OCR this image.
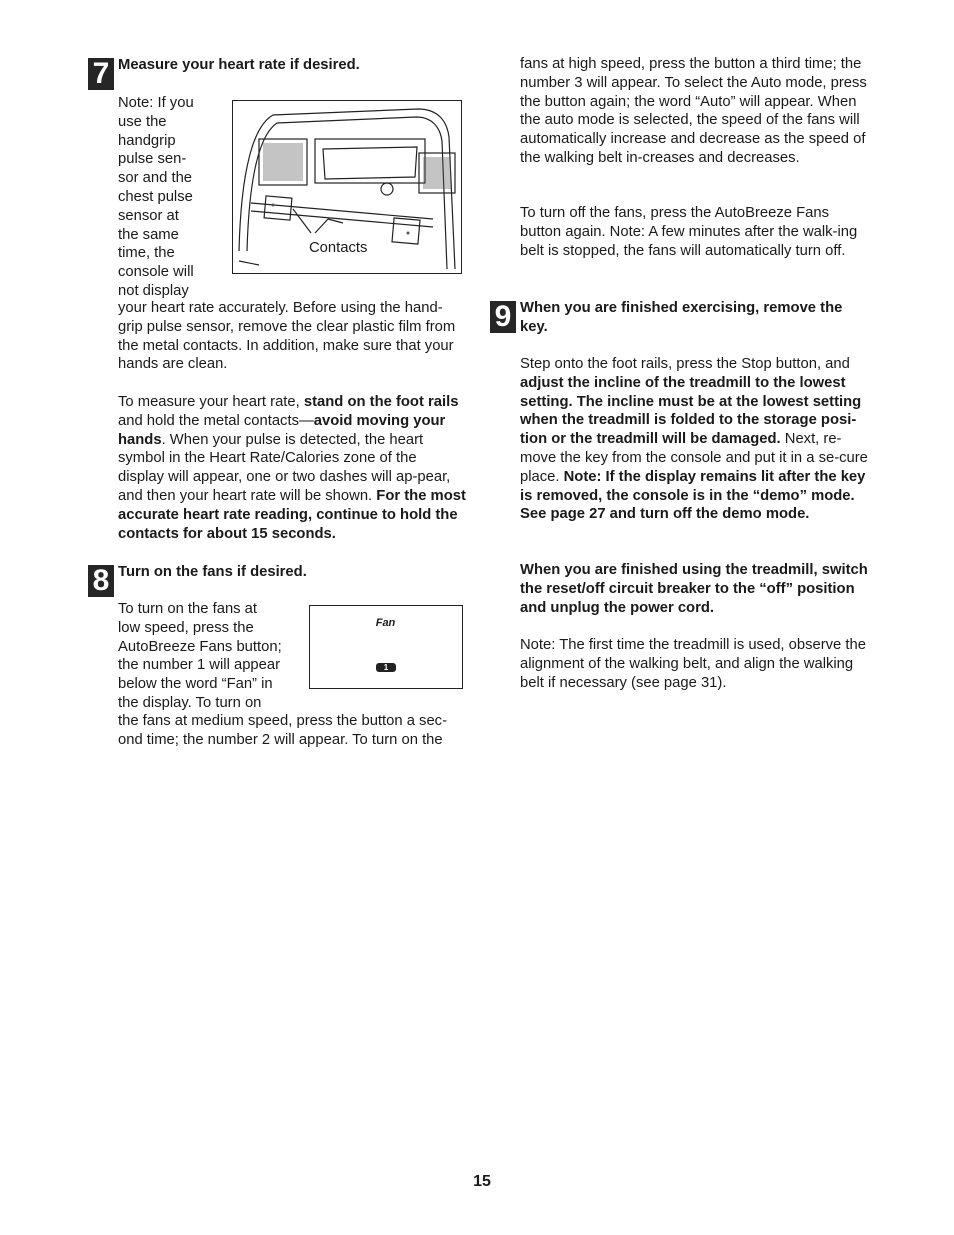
7 Measure your heart rate if desired.

Note: If you

use the

handgrip

pulse sen-

sor and the

chest pulse

sensor at

the same

time, the

console will

not display

Contacts
your heart rate accurately. Before using the hand-grip pulse sensor, remove the clear plastic film from the metal contacts. In addition, make sure that your hands are clean.
To measure your heart rate, stand on the foot rails and hold the metal contacts—avoid moving your hands. When your pulse is detected, the heart symbol in the Heart Rate/Calories zone of the display will appear, one or two dashes will ap-pear, and then your heart rate will be shown. For the most accurate heart rate reading, continue to hold the contacts for about 15 seconds.
8 Turn on the fans if desired.

To turn on the fans at

low speed, press the

AutoBreeze Fans button;

the number 1 will appear

below the word “Fan” in

the display. To turn on

Fan
1
the fans at medium speed, press the button a sec-ond time; the number 2 will appear. To turn on the
fans at high speed, press the button a third time; the number 3 will appear. To select the Auto mode, press the button again; the word “Auto” will appear. When the auto mode is selected, the speed of the fans will automatically increase and decrease as the speed of the walking belt in-creases and decreases.
To turn off the fans, press the AutoBreeze Fans button again. Note: A few minutes after the walk-ing belt is stopped, the fans will automatically turn off.
9 When you are finished exercising, remove the key.
Step onto the foot rails, press the Stop button, and adjust the incline of the treadmill to the lowest setting. The incline must be at the lowest setting when the treadmill is folded to the storage posi-tion or the treadmill will be damaged. Next, re-move the key from the console and put it in a se-cure place. Note: If the display remains lit after the key is removed, the console is in the “demo” mode. See page 27 and turn off the demo mode.
When you are finished using the treadmill, switch the reset/off circuit breaker to the “off” position and unplug the power cord.
Note: The first time the treadmill is used, observe the alignment of the walking belt, and align the walking belt if necessary (see page 31).
15
